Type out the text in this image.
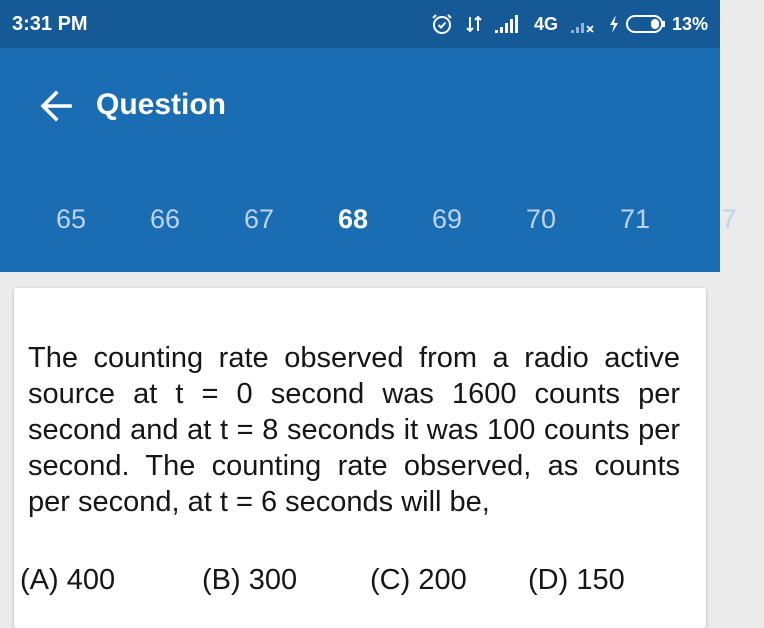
3:31 PM	4G	13%
Question
65	66	67	68	69	70	71	7
The counting rate observed from a radio active source at t = 0 second was 1600 counts per second and at t = 8 seconds it was 100 counts per second. The counting rate observed, as counts per second, at t = 6 seconds will be,
(A) 400	(B) 300	(C) 200 (D) 150
